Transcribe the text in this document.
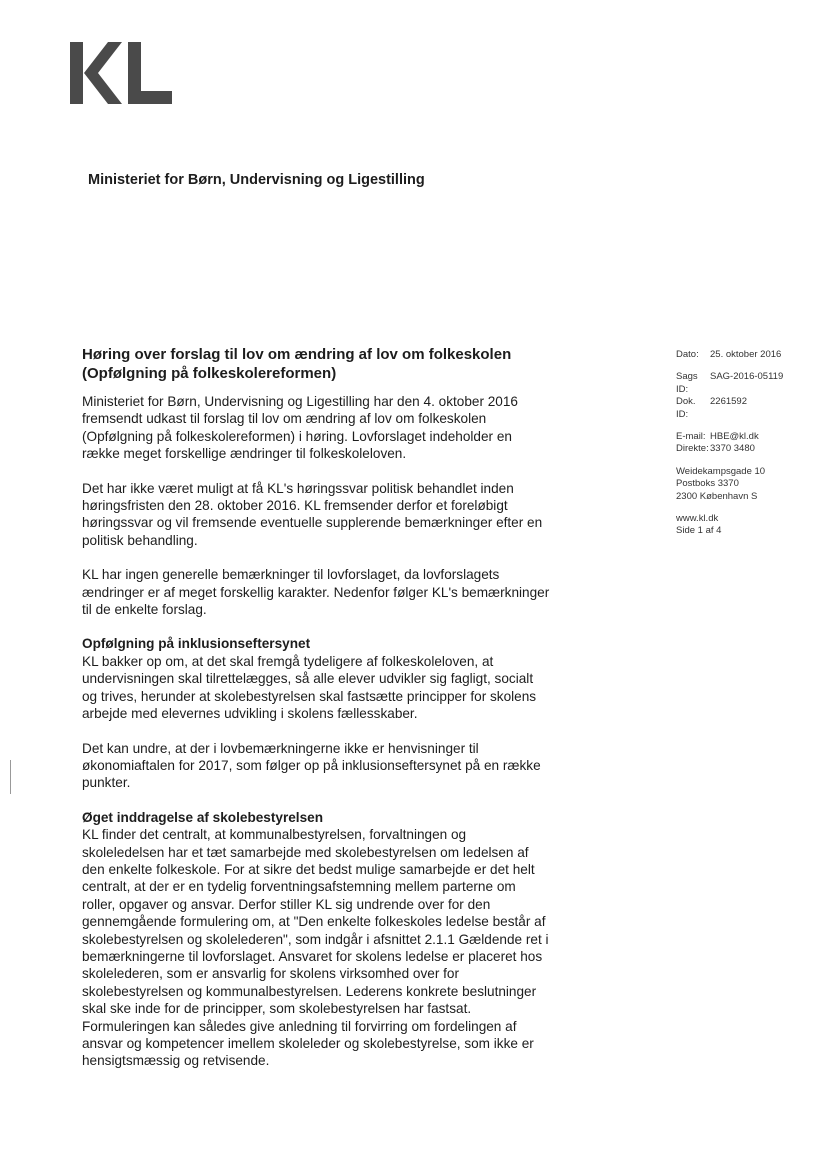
Ministeriet for Børn, Undervisning og Ligestilling
Høring over forslag til lov om ændring af lov om folkeskolen
(Opfølgning på folkeskolereformen)

Ministeriet for Børn, Undervisning og Ligestilling har den 4. oktober 2016 fremsendt udkast til forslag til lov om ændring af lov om folkeskolen (Opfølgning på folkeskolereformen) i høring. Lovforslaget indeholder en række meget forskellige ændringer til folkeskoleloven.

Det har ikke været muligt at få KL's høringssvar politisk behandlet inden høringsfristen den 28. oktober 2016. KL fremsender derfor et foreløbigt høringssvar og vil fremsende eventuelle supplerende bemærkninger efter en politisk behandling.

KL har ingen generelle bemærkninger til lovforslaget, da lovforslagets ændringer er af meget forskellig karakter. Nedenfor følger KL's bemærkninger til de enkelte forslag.

Opfølgning på inklusionseftersynet
KL bakker op om, at det skal fremgå tydeligere af folkeskoleloven, at undervisningen skal tilrettelægges, så alle elever udvikler sig fagligt, socialt og trives, herunder at skolebestyrelsen skal fastsætte principper for skolens arbejde med elevernes udvikling i skolens fællesskaber.

Det kan undre, at der i lovbemærkningerne ikke er henvisninger til økonomiaftalen for 2017, som følger op på inklusionseftersynet på en række punkter.

Øget inddragelse af skolebestyrelsen
KL finder det centralt, at kommunalbestyrelsen, forvaltningen og skoleledelsen har et tæt samarbejde med skolebestyrelsen om ledelsen af den enkelte folkeskole. For at sikre det bedst mulige samarbejde er det helt centralt, at der er en tydelig forventningsafstemning mellem parterne om roller, opgaver og ansvar. Derfor stiller KL sig undrende over for den gennemgående formulering om, at "Den enkelte folkeskoles ledelse består af skolebestyrelsen og skolelederen", som indgår i afsnittet 2.1.1 Gældende ret i bemærkningerne til lovforslaget. Ansvaret for skolens ledelse er placeret hos skolelederen, som er ansvarlig for skolens virksomhed over for skolebestyrelsen og kommunalbestyrelsen. Lederens konkrete beslutninger skal ske inde for de principper, som skolebestyrelsen har fastsat. Formuleringen kan således give anledning til forvirring om fordelingen af ansvar og kompetencer imellem skoleleder og skolebestyrelse, som ikke er hensigtsmæssig og retvisende.

Dato:	25. oktober 2016
Sags ID:
SAG-2016-05119
Dok. ID:
2261592
E-mail: HBE@kl.dk
Direkte: 3370 3480
Weidekampsgade 10
Postboks 3370
2300 København S
www.kl.dk
Side 1 af 4
